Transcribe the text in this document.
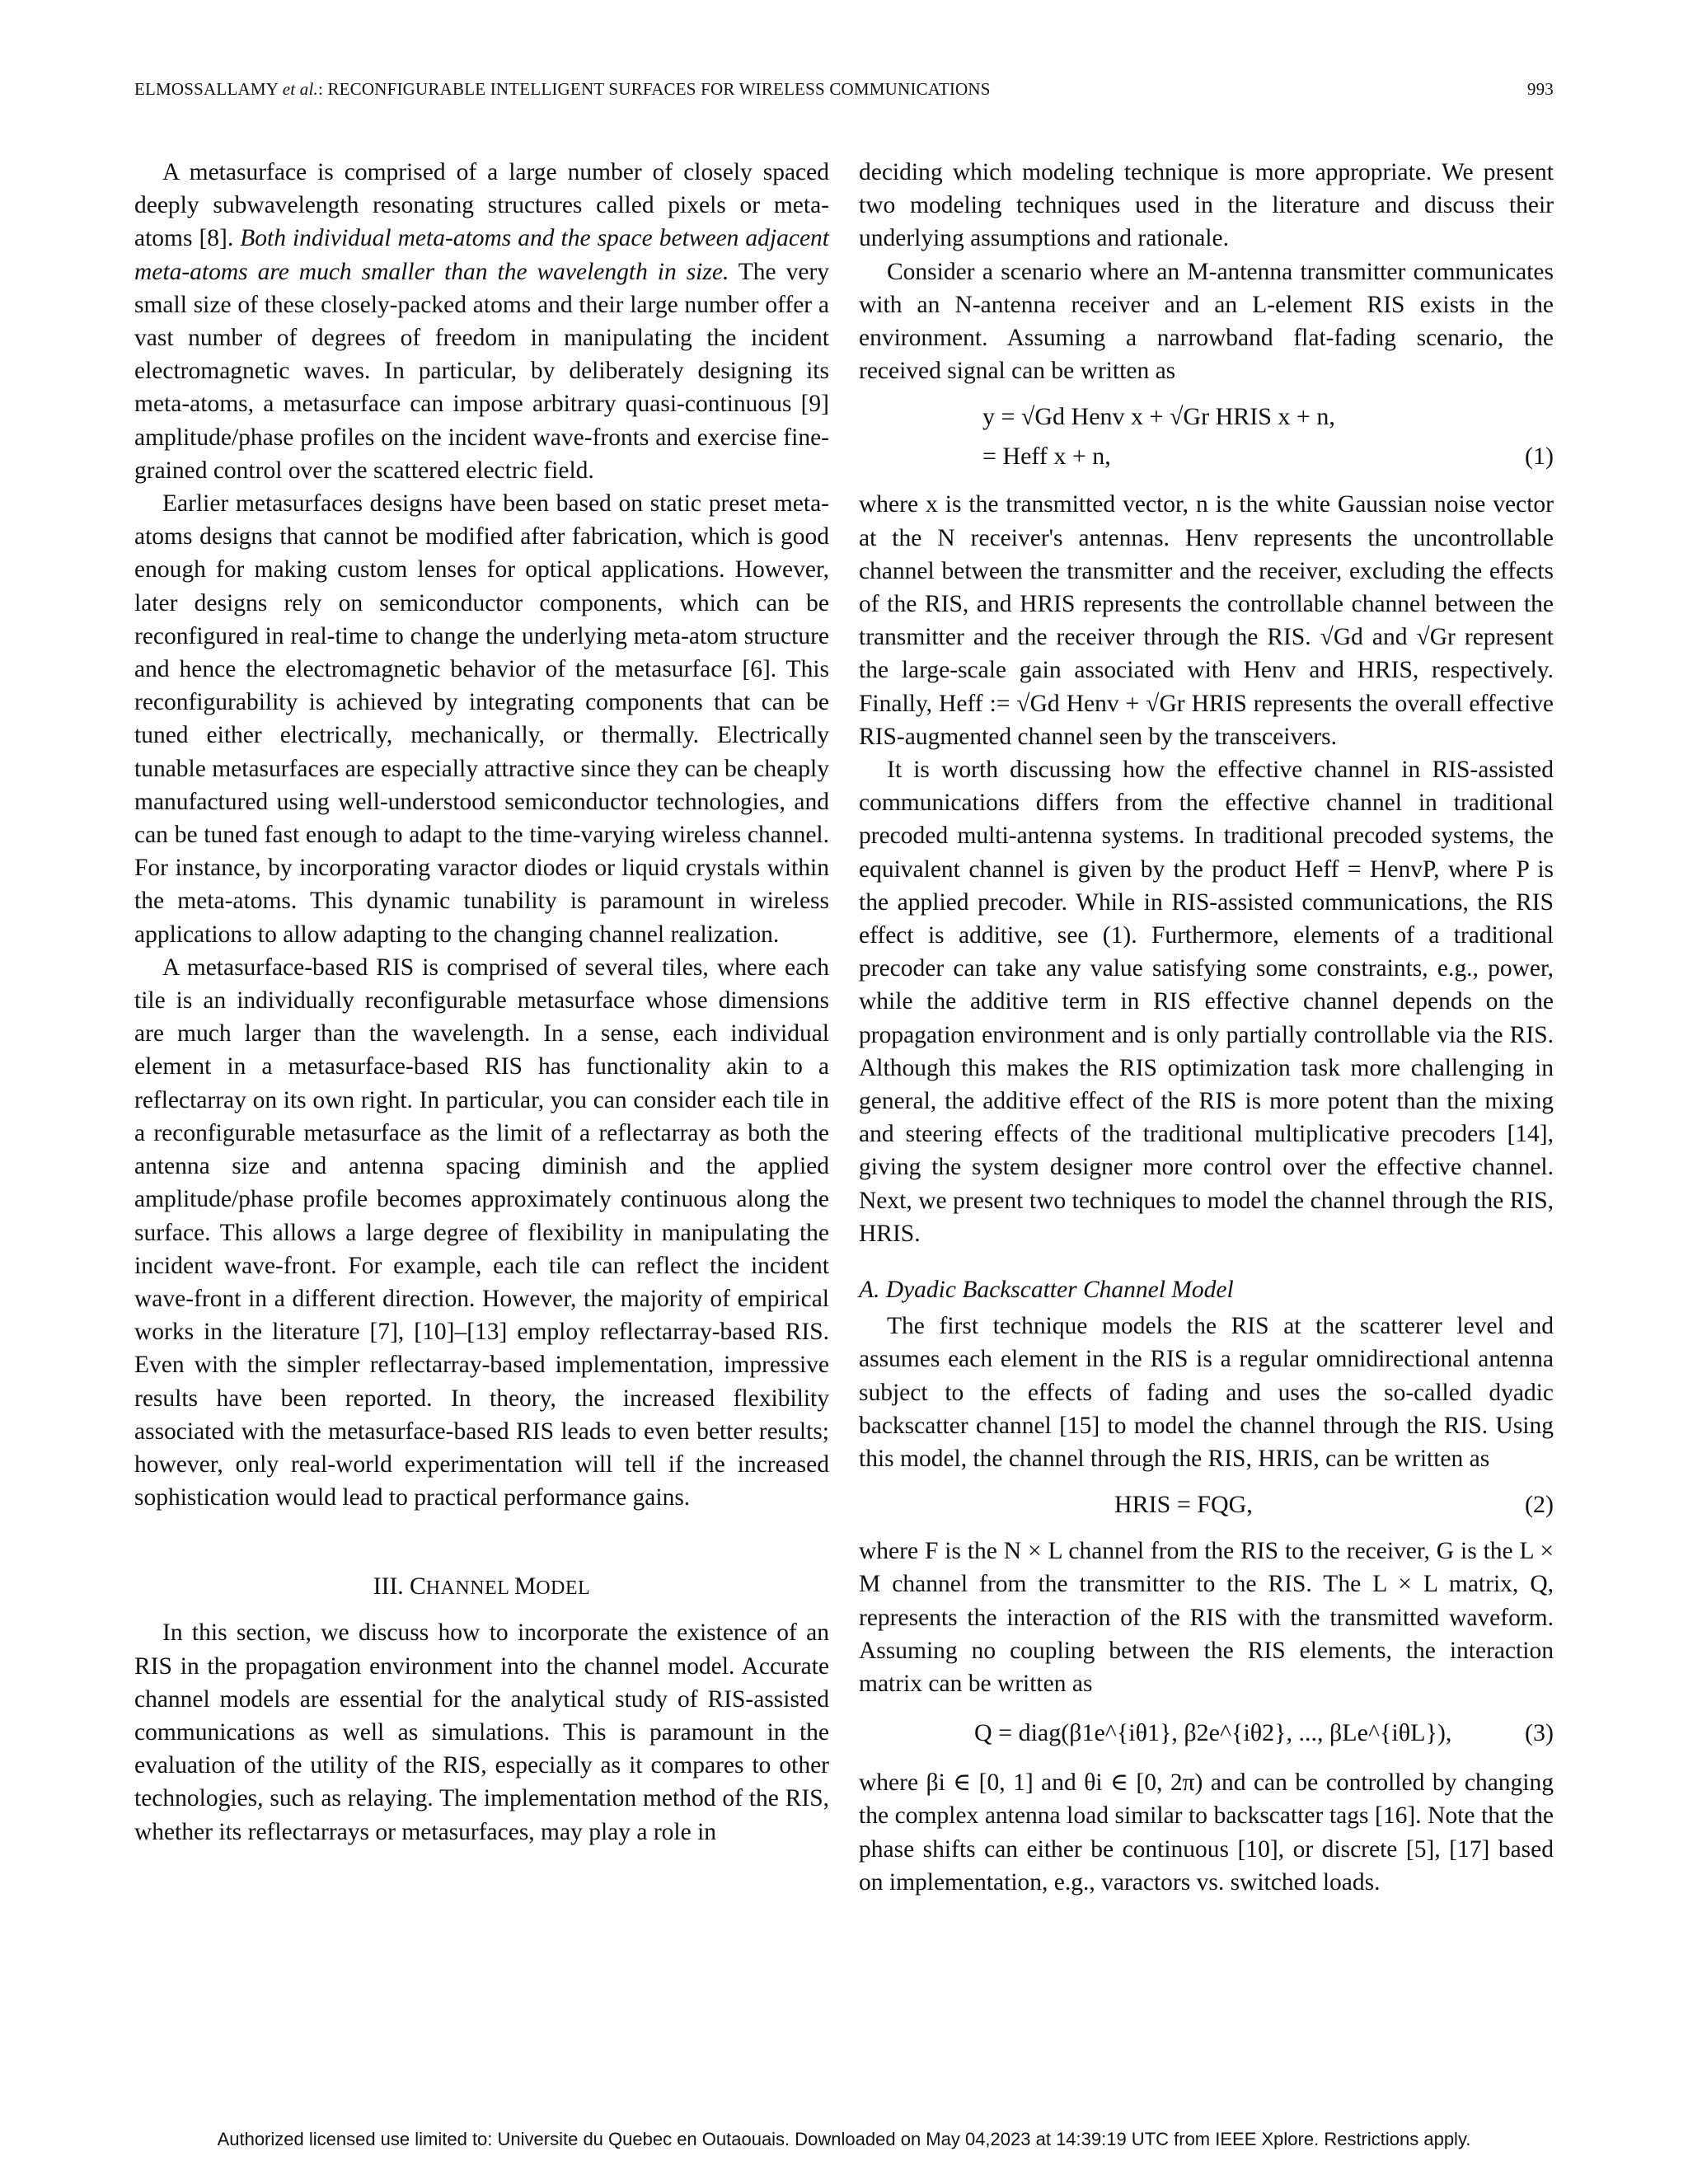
ELMOSSALLAMY et al.: RECONFIGURABLE INTELLIGENT SURFACES FOR WIRELESS COMMUNICATIONS	993

A metasurface is comprised of a large number of closely spaced deeply subwavelength resonating structures called pixels or meta-atoms [8]. Both individual meta-atoms and the space between adjacent meta-atoms are much smaller than the wavelength in size. The very small size of these closely-packed atoms and their large number offer a vast number of degrees of freedom in manipulating the incident electromagnetic waves. In particular, by deliberately designing its meta-atoms, a metasurface can impose arbitrary quasi-continuous [9] amplitude/phase profiles on the incident wave-fronts and exercise fine-grained control over the scattered electric field.

Earlier metasurfaces designs have been based on static preset meta-atoms designs that cannot be modified after fabrication, which is good enough for making custom lenses for optical applications. However, later designs rely on semiconductor components, which can be reconfigured in real-time to change the underlying meta-atom structure and hence the electromagnetic behavior of the metasurface [6]. This reconfigurability is achieved by integrating components that can be tuned either electrically, mechanically, or thermally. Electrically tunable metasurfaces are especially attractive since they can be cheaply manufactured using well-understood semiconductor technologies, and can be tuned fast enough to adapt to the time-varying wireless channel. For instance, by incorporating varactor diodes or liquid crystals within the meta-atoms. This dynamic tunability is paramount in wireless applications to allow adapting to the changing channel realization.

A metasurface-based RIS is comprised of several tiles, where each tile is an individually reconfigurable metasurface whose dimensions are much larger than the wavelength. In a sense, each individual element in a metasurface-based RIS has functionality akin to a reflectarray on its own right. In particular, you can consider each tile in a reconfigurable metasurface as the limit of a reflectarray as both the antenna size and antenna spacing diminish and the applied amplitude/phase profile becomes approximately continuous along the surface. This allows a large degree of flexibility in manipulating the incident wave-front. For example, each tile can reflect the incident wave-front in a different direction. However, the majority of empirical works in the literature [7], [10]–[13] employ reflectarray-based RIS. Even with the simpler reflectarray-based implementation, impressive results have been reported. In theory, the increased flexibility associated with the metasurface-based RIS leads to even better results; however, only real-world experimentation will tell if the increased sophistication would lead to practical performance gains.

III. CHANNEL MODEL

In this section, we discuss how to incorporate the existence of an RIS in the propagation environment into the channel model. Accurate channel models are essential for the analytical study of RIS-assisted communications as well as simulations. This is paramount in the evaluation of the utility of the RIS, especially as it compares to other technologies, such as relaying. The implementation method of the RIS, whether its reflectarrays or metasurfaces, may play a role in

deciding which modeling technique is more appropriate. We present two modeling techniques used in the literature and discuss their underlying assumptions and rationale.

Consider a scenario where an M-antenna transmitter communicates with an N-antenna receiver and an L-element RIS exists in the environment. Assuming a narrowband flat-fading scenario, the received signal can be written as

y = √Gd Henv x + √Gr HRIS x + n,
= Heff x + n,	(1)

where x is the transmitted vector, n is the white Gaussian noise vector at the N receiver's antennas. Henv represents the uncontrollable channel between the transmitter and the receiver, excluding the effects of the RIS, and HRIS represents the controllable channel between the transmitter and the receiver through the RIS. √Gd and √Gr represent the large-scale gain associated with Henv and HRIS, respectively. Finally, Heff := √Gd Henv + √Gr HRIS represents the overall effective RIS-augmented channel seen by the transceivers.

It is worth discussing how the effective channel in RIS-assisted communications differs from the effective channel in traditional precoded multi-antenna systems. In traditional precoded systems, the equivalent channel is given by the product Heff = HenvP, where P is the applied precoder. While in RIS-assisted communications, the RIS effect is additive, see (1). Furthermore, elements of a traditional precoder can take any value satisfying some constraints, e.g., power, while the additive term in RIS effective channel depends on the propagation environment and is only partially controllable via the RIS. Although this makes the RIS optimization task more challenging in general, the additive effect of the RIS is more potent than the mixing and steering effects of the traditional multiplicative precoders [14], giving the system designer more control over the effective channel. Next, we present two techniques to model the channel through the RIS, HRIS.

A. Dyadic Backscatter Channel Model

The first technique models the RIS at the scatterer level and assumes each element in the RIS is a regular omnidirectional antenna subject to the effects of fading and uses the so-called dyadic backscatter channel [15] to model the channel through the RIS. Using this model, the channel through the RIS, HRIS, can be written as

HRIS = FQG,	(2)

where F is the N × L channel from the RIS to the receiver, G is the L × M channel from the transmitter to the RIS. The L × L matrix, Q, represents the interaction of the RIS with the transmitted waveform. Assuming no coupling between the RIS elements, the interaction matrix can be written as

Q = diag(β1e^{iθ1}, β2e^{iθ2}, ..., βLe^{iθL}),	(3)

where βi ∈ [0, 1] and θi ∈ [0, 2π) and can be controlled by changing the complex antenna load similar to backscatter tags [16]. Note that the phase shifts can either be continuous [10], or discrete [5], [17] based on implementation, e.g., varactors vs. switched loads.

Authorized licensed use limited to: Universite du Quebec en Outaouais. Downloaded on May 04,2023 at 14:39:19 UTC from IEEE Xplore. Restrictions apply.
